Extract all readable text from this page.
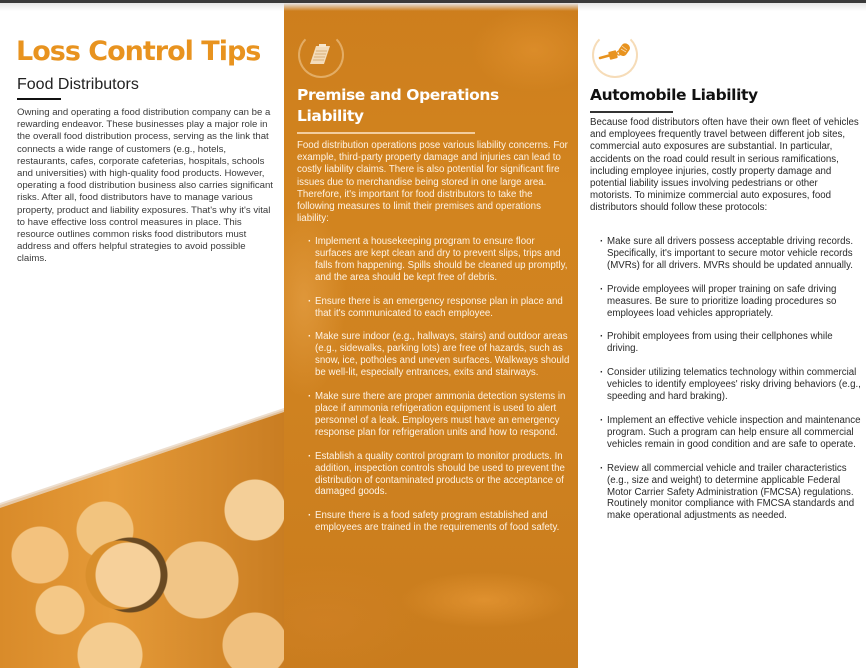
Loss Control Tips
Food Distributors

Owning and operating a food distribution company can be a rewarding endeavor. These businesses play a major role in the overall food distribution process, serving as the link that connects a wide range of customers (e.g., hotels, restaurants, cafes, corporate cafeterias, hospitals, schools and universities) with high-quality food products. However, operating a food distribution business also carries significant risks. After all, food distributors have to manage various property, product and liability exposures. That's why it's vital to have effective loss control measures in place. This resource outlines common risks food distributors must address and offers helpful strategies to avoid possible claims.

Premise and Operations Liability

Food distribution operations pose various liability concerns. For example, third-party property damage and injuries can lead to costly liability claims. There is also potential for significant fire issues due to merchandise being stored in one large area. Therefore, it's important for food distributors to take the following measures to limit their premises and operations liability:

· Implement a housekeeping program to ensure floor surfaces are kept clean and dry to prevent slips, trips and falls from happening. Spills should be cleaned up promptly, and the area should be kept free of debris.
· Ensure there is an emergency response plan in place and that it's communicated to each employee.
· Make sure indoor (e.g., hallways, stairs) and outdoor areas (e.g., sidewalks, parking lots) are free of hazards, such as snow, ice, potholes and uneven surfaces. Walkways should be well-lit, especially entrances, exits and stairways.
· Make sure there are proper ammonia detection systems in place if ammonia refrigeration equipment is used to alert personnel of a leak. Employers must have an emergency response plan for refrigeration units and how to respond.
· Establish a quality control program to monitor products. In addition, inspection controls should be used to prevent the distribution of contaminated products or the acceptance of damaged goods.
· Ensure there is a food safety program established and employees are trained in the requirements of food safety.
Automobile Liability

Because food distributors often have their own fleet of vehicles and employees frequently travel between different job sites, commercial auto exposures are substantial. In particular, accidents on the road could result in serious ramifications, including employee injuries, costly property damage and potential liability issues involving pedestrians or other motorists. To minimize commercial auto exposures, food distributors should follow these protocols:

· Make sure all drivers possess acceptable driving records. Specifically, it's important to secure motor vehicle records (MVRs) for all drivers. MVRs should be updated annually.
· Provide employees will proper training on safe driving measures. Be sure to prioritize loading procedures so employees load vehicles appropriately.
· Prohibit employees from using their cellphones while driving.
· Consider utilizing telematics technology within commercial vehicles to identify employees' risky driving behaviors (e.g., speeding and hard braking).
· Implement an effective vehicle inspection and maintenance program. Such a program can help ensure all commercial vehicles remain in good condition and are safe to operate.
· Review all commercial vehicle and trailer characteristics (e.g., size and weight) to determine applicable Federal Motor Carrier Safety Administration (FMCSA) regulations. Routinely monitor compliance with FMCSA standards and make operational adjustments as needed.
